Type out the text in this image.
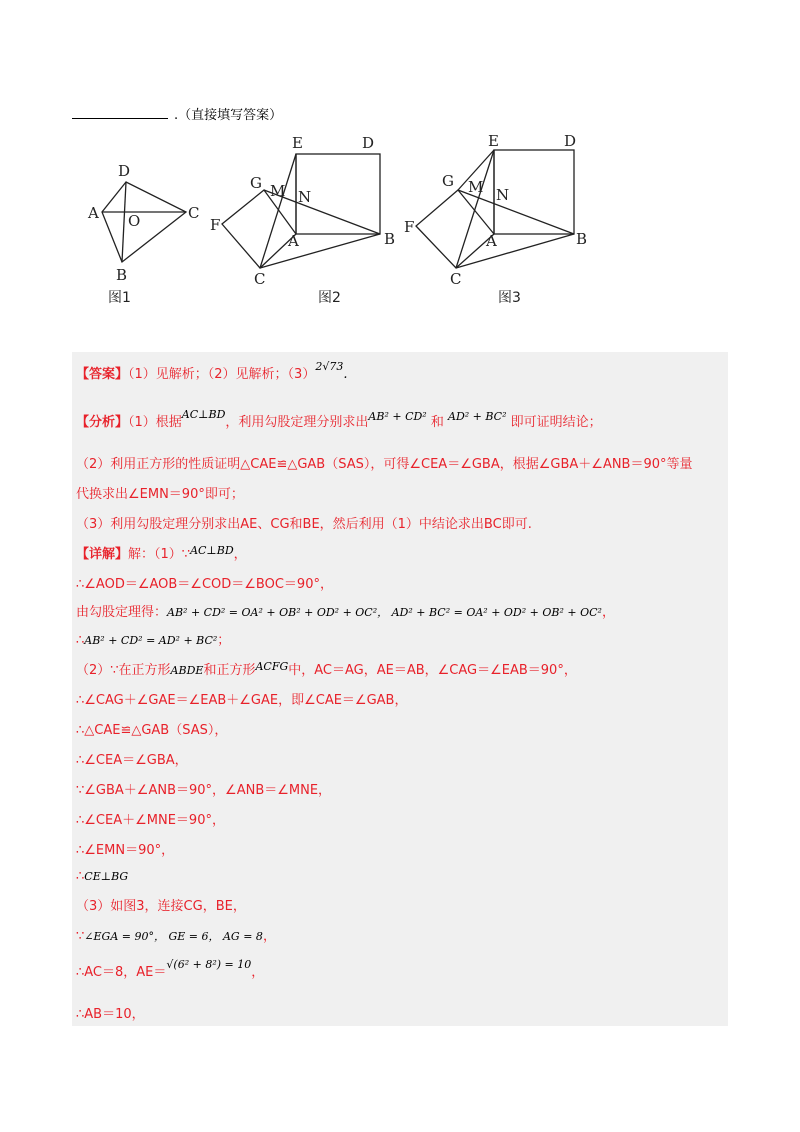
.（直接填写答案）
D
A O	C
B
图1
E	D
G M N
F
A	B
C
图2
E	D
G M N
F
A	B
C
图3
【答案】（1）见解析；（2）见解析；$(3)^{2√73}$.
【分析】（1）根据$^{AC\perp BD}$，利用勾股定理分别求出$^{AB^2 + CD^2}$ 和 $^{AD^2 + BC^2}$ 即可证明结论；
（2）利用正方形的性质证明△CAE≌△GAB（SAS），可得∠CEA＝∠GBA，根据∠GBA＋∠ANB＝90°等量
代换求出∠EMN＝90°即可；
（3）利用勾股定理分别求出AE、CG和BE，然后利用（1）中结论求出BC即可.
【详解】解：（1）∵$^{AC\perp BD}$，
∴∠AOD＝∠AOB＝∠COD＝∠BOC＝90°，
由勾股定理得：AB² + CD² = OA² + OB² + OD² + OC²， AD² + BC² = OA² + OD² + OB² + OC²，
∴AB² + CD² = AD² + BC²；
（2）∵在正方形ABDE和正方形$^{ACFG}$中，AC＝AG，AE＝AB，∠CAG＝∠EAB＝90°，
∴∠CAG＋∠GAE＝∠EAB＋∠GAE，即∠CAE＝∠GAB，
∴△CAE≌△GAB（SAS），
∴∠CEA＝∠GBA，
∵∠GBA＋∠ANB＝90°，∠ANB＝∠MNE，
∴∠CEA＋∠MNE＝90°，
∴∠EMN＝90°，
∴CE⊥BG
（3）如图3，连接CG，BE，
∵∠EGA = 90°， GE = 6， AG = 8，
∴AC＝8，AE＝$^{√(6^2 + 8^2) = 10}$，
∴AB＝10，
